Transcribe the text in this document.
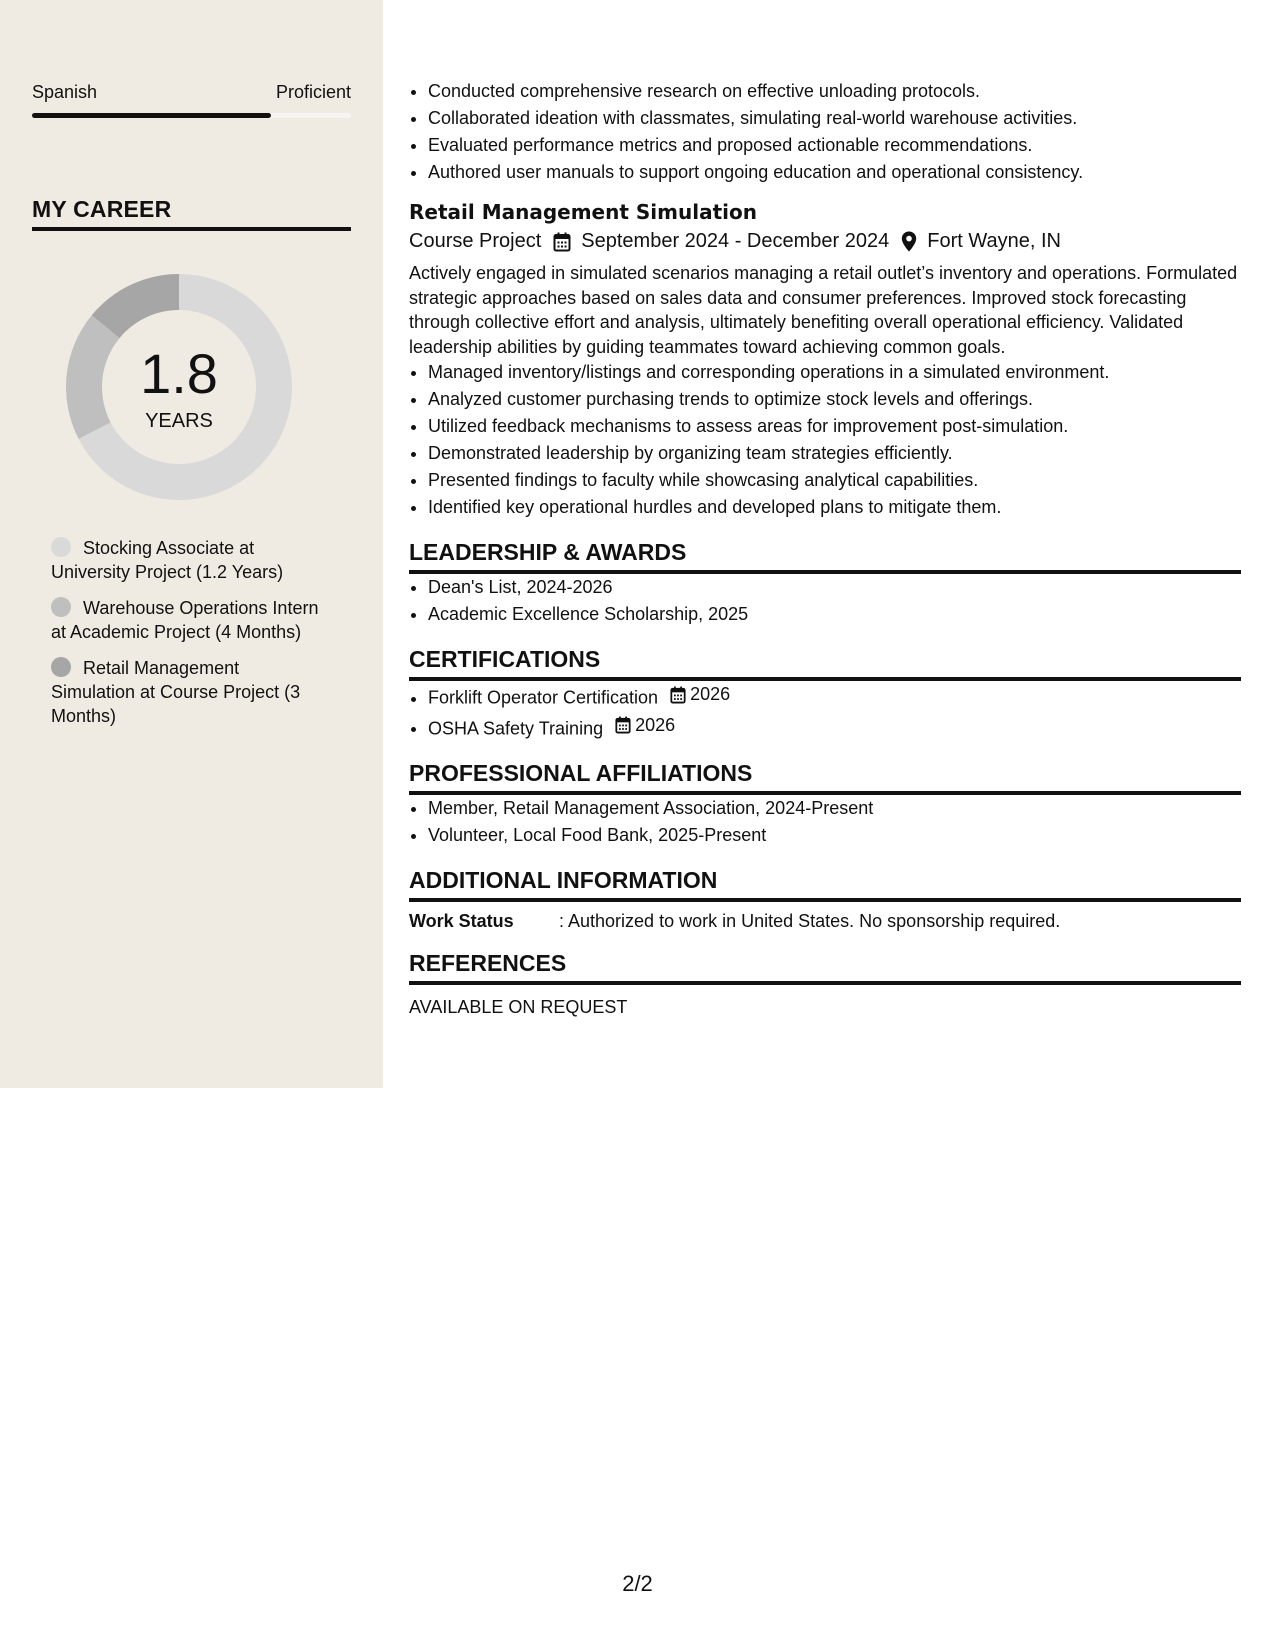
Spanish	Proficient
MY CAREER
1.8
YEARS
Stocking Associate at University Project (1.2 Years)
Warehouse Operations Intern at Academic Project (4 Months)
Retail Management Simulation at Course Project (3 Months)
• Conducted comprehensive research on effective unloading protocols.
• Collaborated ideation with classmates, simulating real-world warehouse activities.
• Evaluated performance metrics and proposed actionable recommendations.
• Authored user manuals to support ongoing education and operational consistency.
Retail Management Simulation
Course Project September 2024 - December 2024 Fort Wayne, IN

Actively engaged in simulated scenarios managing a retail outlet’s inventory and operations. Formulated strategic approaches based on sales data and consumer preferences. Improved stock forecasting through collective effort and analysis, ultimately benefiting overall operational efficiency. Validated leadership abilities by guiding teammates toward achieving common goals.

• Managed inventory/listings and corresponding operations in a simulated environment.
• Analyzed customer purchasing trends to optimize stock levels and offerings.
• Utilized feedback mechanisms to assess areas for improvement post-simulation.
• Demonstrated leadership by organizing team strategies efficiently.
• Presented findings to faculty while showcasing analytical capabilities.
• Identified key operational hurdles and developed plans to mitigate them.
LEADERSHIP & AWARDS
• Dean's List, 2024-2026
• Academic Excellence Scholarship, 2025
CERTIFICATIONS
• Forklift Operator Certification 2026
• OSHA Safety Training 2026
PROFESSIONAL AFFILIATIONS
• Member, Retail Management Association, 2024-Present
• Volunteer, Local Food Bank, 2025-Present
ADDITIONAL INFORMATION
Work Status	: Authorized to work in United States. No sponsorship required.
REFERENCES
AVAILABLE ON REQUEST
2/2
